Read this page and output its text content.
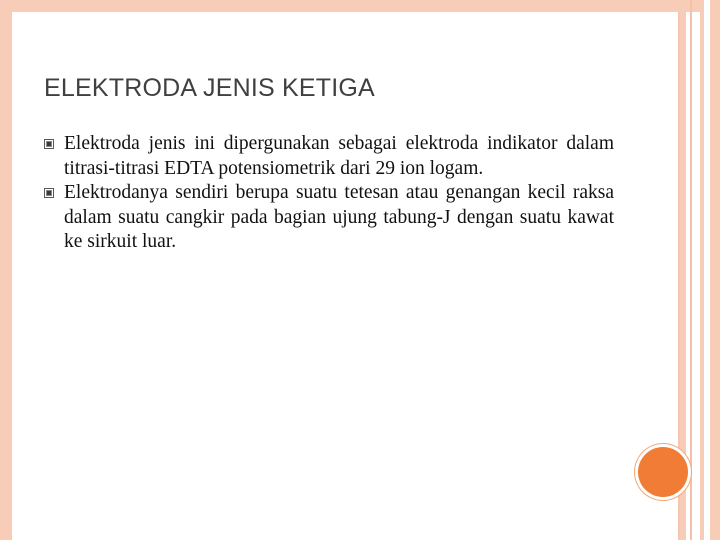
ELEKTRODA JENIS KETIGA
Elektroda jenis ini dipergunakan sebagai elektroda indikator dalam titrasi-titrasi EDTA potensiometrik dari 29 ion logam.
Elektrodanya sendiri berupa suatu tetesan atau genangan kecil raksa dalam suatu cangkir pada bagian ujung tabung-J dengan suatu kawat ke sirkuit luar.
